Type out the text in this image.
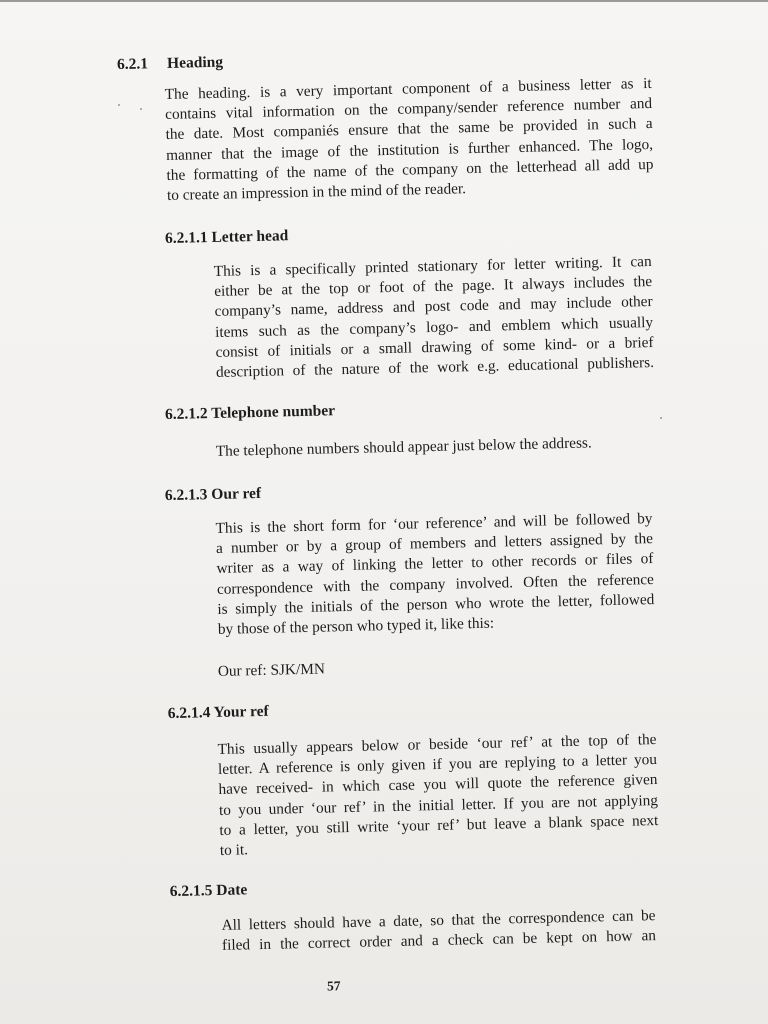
6.2.1 Heading
The heading. is a very important component of a business letter as it
contains vital information on the company/sender reference number and
the date. Most companiés ensure that the same be provided in such a
manner that the image of the institution is further enhanced. The logo,
the formatting of the name of the company on the letterhead all add up
to create an impression in the mind of the reader.
6.2.1.1 Letter head
This is a specifically printed stationary for letter writing. It can
either be at the top or foot of the page. It always includes the
company’s name, address and post code and may include other
items such as the company’s logo- and emblem which usually
consist of initials or a small drawing of some kind- or a brief
description of the nature of the work e.g. educational publishers.
6.2.1.2 Telephone number
The telephone numbers should appear just below the address.
6.2.1.3 Our ref
This is the short form for ‘our reference’ and will be followed by
a number or by a group of members and letters assigned by the
writer as a way of linking the letter to other records or files of
correspondence with the company involved. Often the reference
is simply the initials of the person who wrote the letter, followed
by those of the person who typed it, like this:
Our ref: SJK/MN
6.2.1.4 Your ref
This usually appears below or beside ‘our ref’ at the top of the
letter. A reference is only given if you are replying to a letter you
have received- in which case you will quote the reference given
to you under ‘our ref’ in the initial letter. If you are not applying
to a letter, you still write ‘your ref’ but leave a blank space next
to it.
6.2.1.5 Date
All letters should have a date, so that the correspondence can be
filed in the correct order and a check can be kept on how an
57
